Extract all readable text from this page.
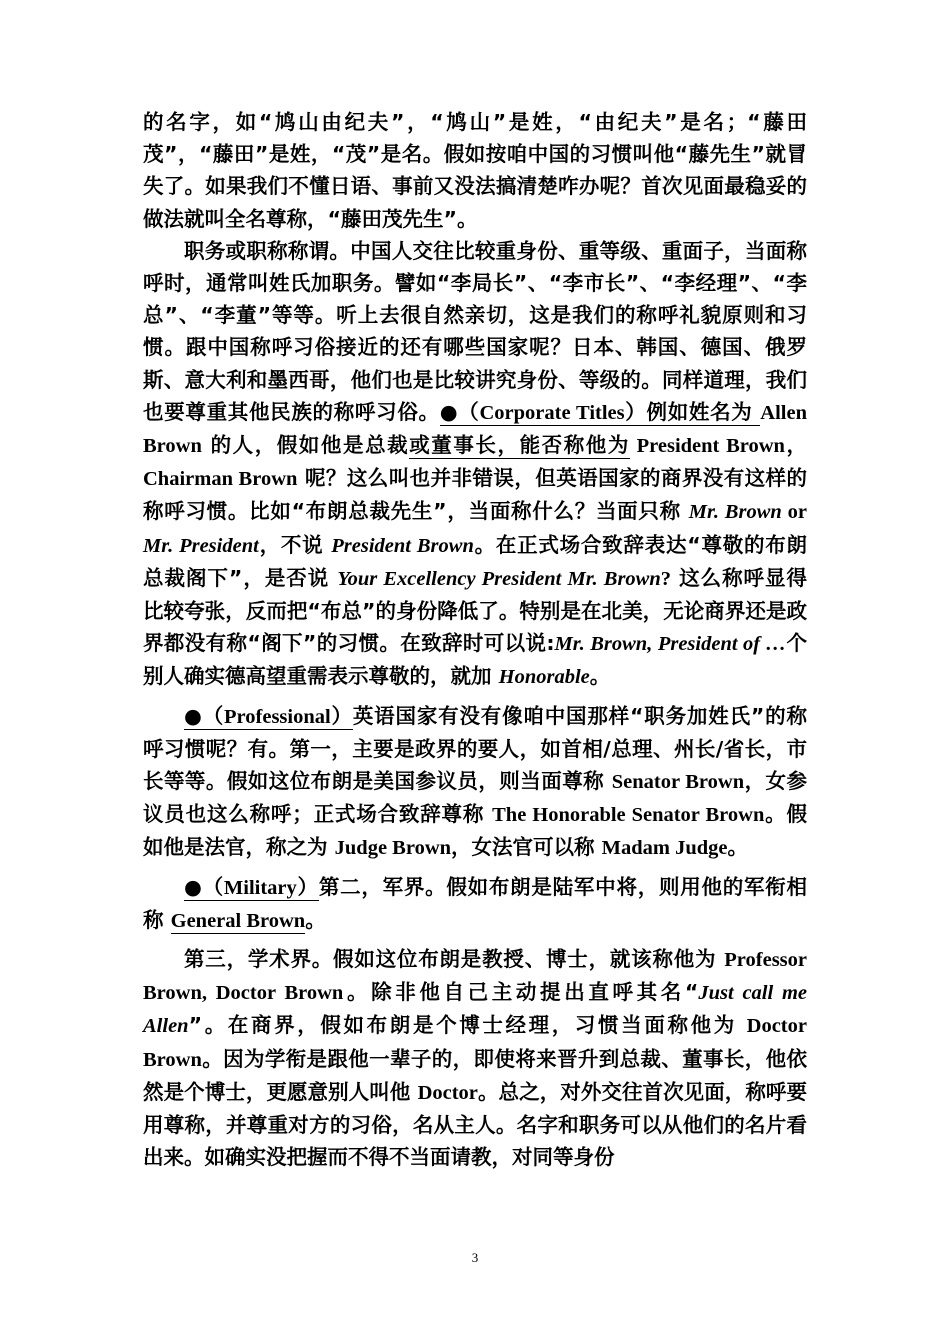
的名字，如“鸠山由纪夫”，“鸠山”是姓，“由纪夫”是名；“藤田茂”，“藤田”是姓，“茂”是名。假如按咱中国的习惯叫他“藤先生”就冒失了。如果我们不懂日语、事前又没法搞清楚咋办呢？首次见面最稳妥的做法就叫全名尊称，“藤田茂先生”。

职务或职称称谓。中国人交往比较重身份、重等级、重面子，当面称呼时，通常叫姓氏加职务。譬如“李局长”、“李市长”、“李经理”、“李总”、“李董”等等。听上去很自然亲切，这是我们的称呼礼貌原则和习惯。跟中国称呼习俗接近的还有哪些国家呢？日本、韩国、德国、俄罗斯、意大利和墨西哥，他们也是比较讲究身份、等级的。同样道理，我们也要尊重其他民族的称呼习俗。●（Corporate Titles）例如姓名为 Allen Brown 的人，假如他是总裁或董事长，能否称他为 President Brown，Chairman Brown 呢？这么叫也并非错误，但英语国家的商界没有这样的称呼习惯。比如“布朗总裁先生”，当面称什么？当面只称 Mr. Brown or Mr. President，不说 President Brown。在正式场合致辞表达“尊敬的布朗总裁阁下”，是否说 Your Excellency President Mr. Brown? 这么称呼显得比较夸张，反而把“布总”的身份降低了。特别是在北美，无论商界还是政界都没有称“阁下”的习惯。在致辞时可以说:Mr. Brown, President of …个别人确实德高望重需表示尊敬的，就加 Honorable。

●（Professional）英语国家有没有像咱中国那样“职务加姓氏”的称呼习惯呢？有。第一，主要是政界的要人，如首相/总理、州长/省长，市长等等。假如这位布朗是美国参议员，则当面尊称 Senator Brown，女参议员也这么称呼；正式场合致辞尊称 The Honorable Senator Brown。假如他是法官，称之为 Judge Brown，女法官可以称 Madam Judge。

●（Military）第二，军界。假如布朗是陆军中将，则用他的军衔相称 General Brown。

第三，学术界。假如这位布朗是教授、博士，就该称他为 Professor Brown, Doctor Brown。除非他自己主动提出直呼其名“Just call me Allen”。在商界，假如布朗是个博士经理，习惯当面称他为 Doctor Brown。因为学衔是跟他一辈子的，即使将来晋升到总裁、董事长，他依然是个博士，更愿意别人叫他 Doctor。总之，对外交往首次见面，称呼要用尊称，并尊重对方的习俗，名从主人。名字和职务可以从他们的名片看出来。如确实没把握而不得不当面请教，对同等身份

3
